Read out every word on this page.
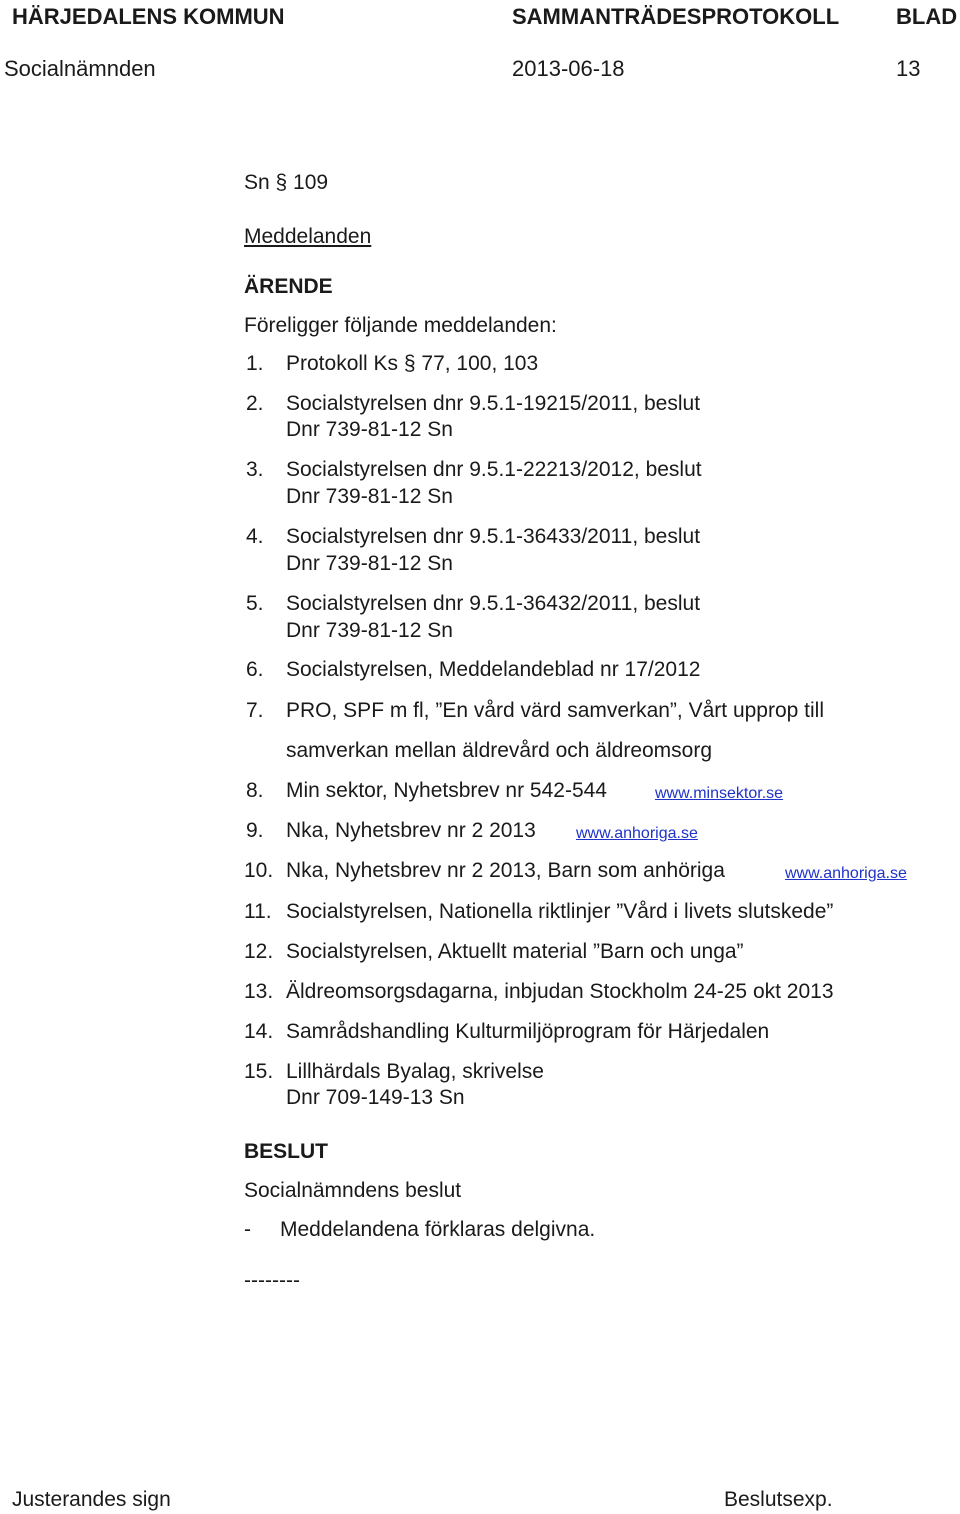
HÄRJEDALENS KOMMUN	SAMMANTRÄDESPROTOKOLL	BLAD
Socialnämnden	2013-06-18	13
Sn § 109
Meddelanden
ÄRENDE
Föreligger följande meddelanden:
1. Protokoll Ks § 77, 100, 103
2. Socialstyrelsen dnr 9.5.1-19215/2011, beslut
Dnr 739-81-12 Sn
3. Socialstyrelsen dnr 9.5.1-22213/2012, beslut
Dnr 739-81-12 Sn
4. Socialstyrelsen dnr 9.5.1-36433/2011, beslut
Dnr 739-81-12 Sn
5. Socialstyrelsen dnr 9.5.1-36432/2011, beslut
Dnr 739-81-12 Sn
6. Socialstyrelsen, Meddelandeblad nr 17/2012
7. PRO, SPF m fl, ”En vård värd samverkan”, Vårt upprop till
samverkan mellan äldrevård och äldreomsorg
8. Min sektor, Nyhetsbrev nr 542-544	www.minsektor.se
9. Nka, Nyhetsbrev nr 2 2013	www.anhoriga.se
10. Nka, Nyhetsbrev nr 2 2013, Barn som anhöriga	www.anhoriga.se
11. Socialstyrelsen, Nationella riktlinjer ”Vård i livets slutskede”
12. Socialstyrelsen, Aktuellt material ”Barn och unga”
13. Äldreomsorgsdagarna, inbjudan Stockholm 24-25 okt 2013
14. Samrådshandling Kulturmiljöprogram för Härjedalen
15. Lillhärdals Byalag, skrivelse
Dnr 709-149-13 Sn
BESLUT
Socialnämndens beslut
- Meddelandena förklaras delgivna.
--------
Justerandes sign	Beslutsexp.
